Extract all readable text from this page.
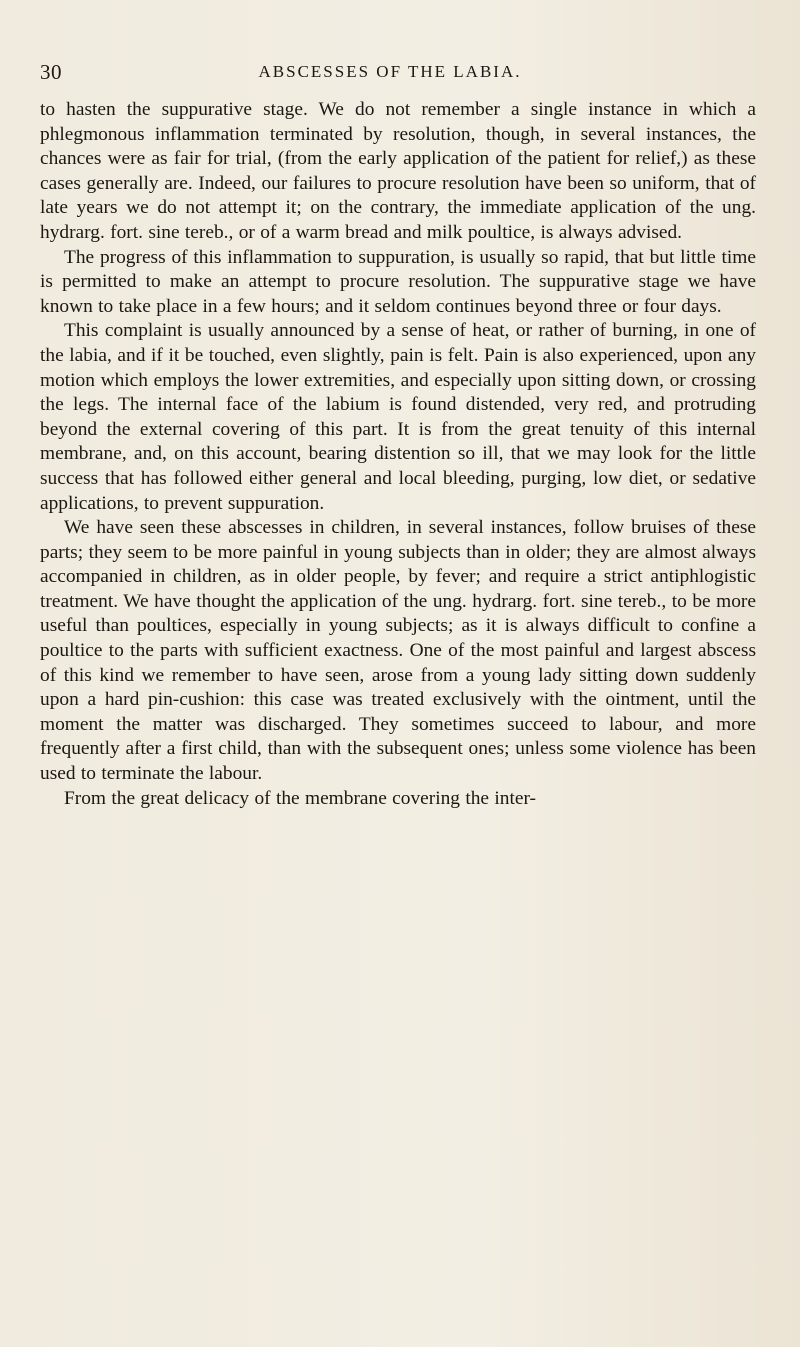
30	ABSCESSES OF THE LABIA.

to hasten the suppurative stage. We do not remember a single instance in which a phlegmonous inflammation terminated by resolution, though, in several instances, the chances were as fair for trial, (from the early application of the patient for relief,) as these cases generally are. Indeed, our failures to procure resolution have been so uniform, that of late years we do not attempt it; on the contrary, the immediate application of the ung. hydrarg. fort. sine tereb., or of a warm bread and milk poultice, is always advised.

The progress of this inflammation to suppuration, is usually so rapid, that but little time is permitted to make an attempt to procure resolution. The suppurative stage we have known to take place in a few hours; and it seldom continues beyond three or four days.

This complaint is usually announced by a sense of heat, or rather of burning, in one of the labia, and if it be touched, even slightly, pain is felt. Pain is also experienced, upon any motion which employs the lower extremities, and especially upon sitting down, or crossing the legs. The internal face of the labium is found distended, very red, and protruding beyond the external covering of this part. It is from the great tenuity of this internal membrane, and, on this account, bearing distention so ill, that we may look for the little success that has followed either general and local bleeding, purging, low diet, or sedative applications, to prevent suppuration.

We have seen these abscesses in children, in several instances, follow bruises of these parts; they seem to be more painful in young subjects than in older; they are almost always accompanied in children, as in older people, by fever; and require a strict antiphlogistic treatment. We have thought the application of the ung. hydrarg. fort. sine tereb., to be more useful than poultices, especially in young subjects; as it is always difficult to confine a poultice to the parts with sufficient exactness. One of the most painful and largest abscess of this kind we remember to have seen, arose from a young lady sitting down suddenly upon a hard pin-cushion: this case was treated exclusively with the ointment, until the moment the matter was discharged. They sometimes succeed to labour, and more frequently after a first child, than with the subsequent ones; unless some violence has been used to terminate the labour.

From the great delicacy of the membrane covering the inter-
